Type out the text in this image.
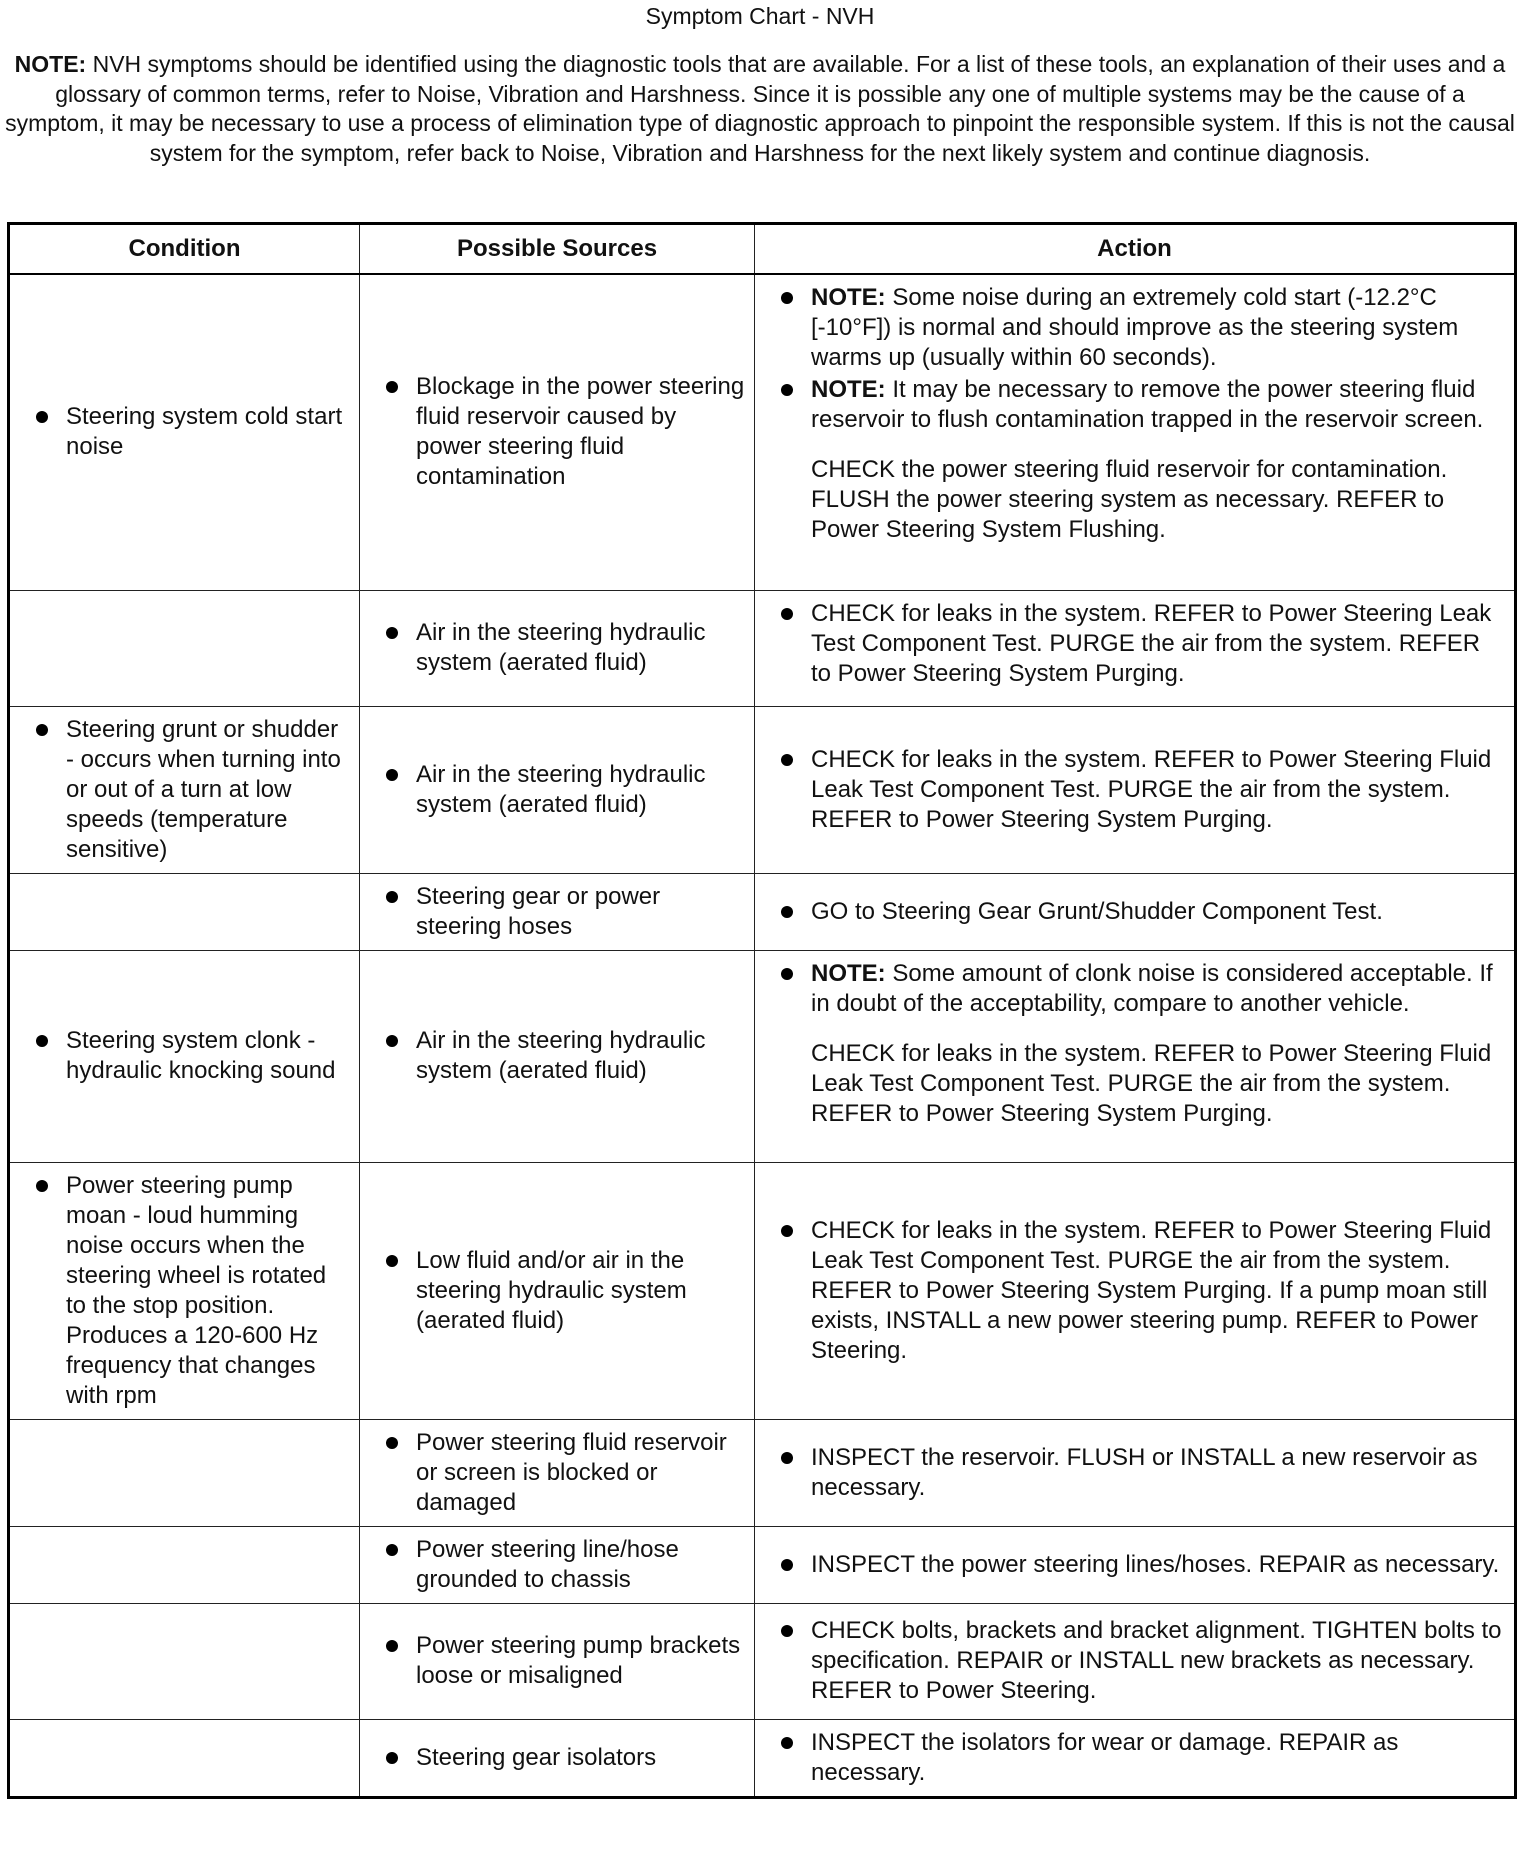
Symptom Chart - NVH
NOTE: NVH symptoms should be identified using the diagnostic tools that are available. For a list of these tools, an explanation of their uses and a glossary of common terms, refer to Noise, Vibration and Harshness. Since it is possible any one of multiple systems may be the cause of a symptom, it may be necessary to use a process of elimination type of diagnostic approach to pinpoint the responsible system. If this is not the causal system for the symptom, refer back to Noise, Vibration and Harshness for the next likely system and continue diagnosis.
Condition	Possible Sources	Action

Steering system cold start noise	Blockage in the power steering fluid reservoir caused by power steering fluid contamination	NOTE: Some noise during an extremely cold start (-12.2°C [-10°F]) is normal and should improve as the steering system warms up (usually within 60 seconds).
NOTE: It may be necessary to remove the power steering fluid reservoir to flush contamination trapped in the reservoir screen.
CHECK the power steering fluid reservoir for contamination. FLUSH the power steering system as necessary. REFER to Power Steering System Flushing.

	Air in the steering hydraulic system (aerated fluid)	CHECK for leaks in the system. REFER to Power Steering Leak Test Component Test. PURGE the air from the system. REFER to Power Steering System Purging.

Steering grunt or shudder - occurs when turning into or out of a turn at low speeds (temperature sensitive)	Air in the steering hydraulic system (aerated fluid)	CHECK for leaks in the system. REFER to Power Steering Fluid Leak Test Component Test. PURGE the air from the system. REFER to Power Steering System Purging.

	Steering gear or power steering hoses	GO to Steering Gear Grunt/Shudder Component Test.

Steering system clonk - hydraulic knocking sound	Air in the steering hydraulic system (aerated fluid)	NOTE: Some amount of clonk noise is considered acceptable. If in doubt of the acceptability, compare to another vehicle.
CHECK for leaks in the system. REFER to Power Steering Fluid Leak Test Component Test. PURGE the air from the system. REFER to Power Steering System Purging.

Power steering pump moan - loud humming noise occurs when the steering wheel is rotated to the stop position. Produces a 120-600 Hz frequency that changes with rpm	Low fluid and/or air in the steering hydraulic system (aerated fluid)	CHECK for leaks in the system. REFER to Power Steering Fluid Leak Test Component Test. PURGE the air from the system. REFER to Power Steering System Purging. If a pump moan still exists, INSTALL a new power steering pump. REFER to Power Steering.

	Power steering fluid reservoir or screen is blocked or damaged	INSPECT the reservoir. FLUSH or INSTALL a new reservoir as necessary.

	Power steering line/hose grounded to chassis	INSPECT the power steering lines/hoses. REPAIR as necessary.

	Power steering pump brackets loose or misaligned	CHECK bolts, brackets and bracket alignment. TIGHTEN bolts to specification. REPAIR or INSTALL new brackets as necessary. REFER to Power Steering.

	Steering gear isolators	INSPECT the isolators for wear or damage. REPAIR as necessary.
